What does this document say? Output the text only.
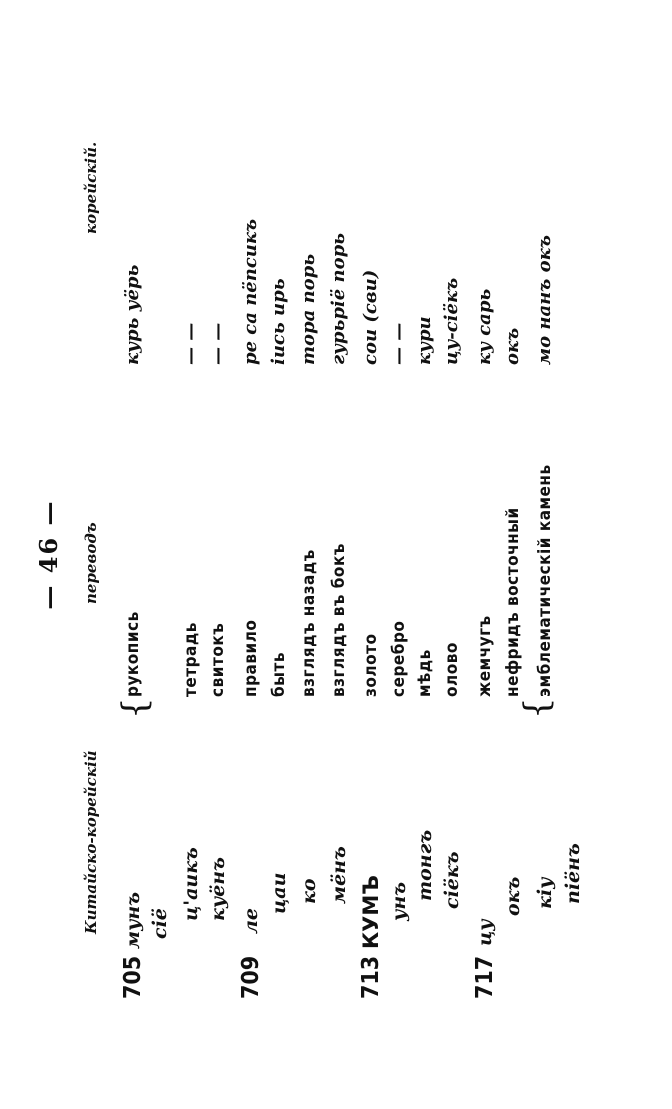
— 46 —
Китайско-корейскій
переводъ
корейскій.
705
мунъ
рукопись
курь уёрь
сіё
ц'аикъ
тетрадь
— —
куёнъ
свитокъ
— —
709
ле
правило
ре са пёпсикъ
цаи
быть
іись ирь
ко
взглядъ назадъ
тора порь
мёнъ
взглядъ въ бокъ
гурьріё порь
713
КУМЪ
золото
сои (сви)
унъ
серебро
— —
тонгъ
мѣдь
кури
сіёкъ
олово
цу-сіёкъ
717
цу
жемчугъ
ку сарь
окъ
нефридъ восточный
окъ
кіу
эмблематическій камень
мо нанъ окъ
піёнъ
{	{
